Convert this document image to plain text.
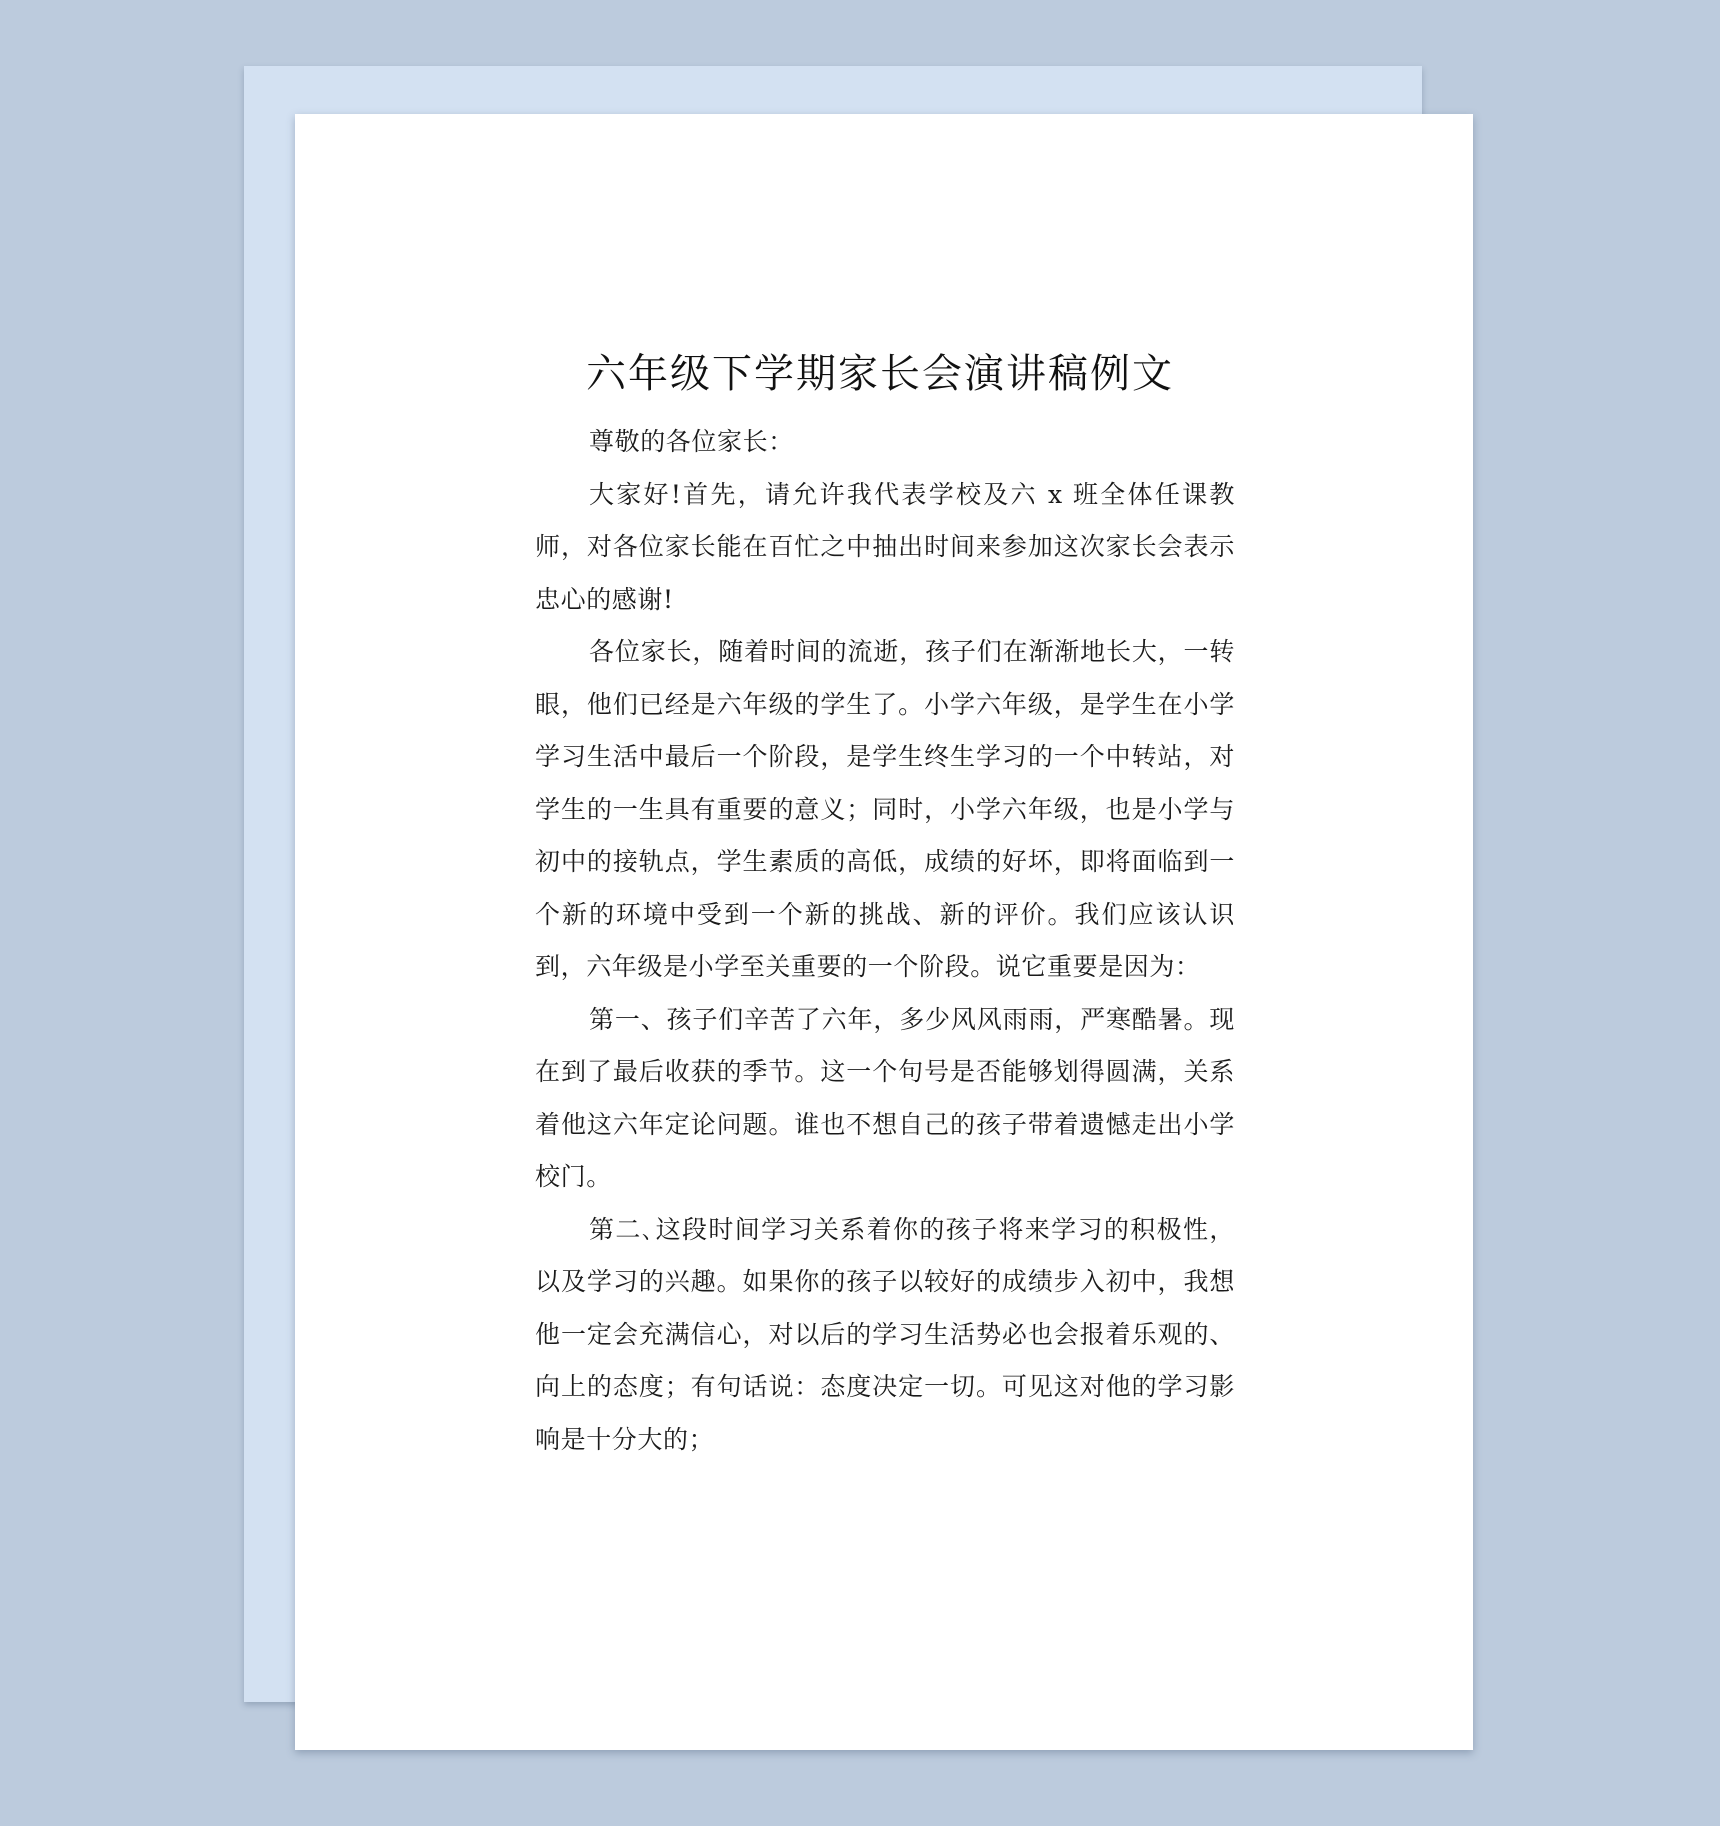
六年级下学期家长会演讲稿例文

尊敬的各位家长：

大家好!首先，请允许我代表学校及六 x 班全体任课教师，对各位家长能在百忙之中抽出时间来参加这次家长会表示忠心的感谢!

各位家长，随着时间的流逝，孩子们在渐渐地长大，一转眼，他们已经是六年级的学生了。小学六年级，是学生在小学学习生活中最后一个阶段，是学生终生学习的一个中转站，对学生的一生具有重要的意义；同时，小学六年级，也是小学与初中的接轨点，学生素质的高低，成绩的好坏，即将面临到一个新的环境中受到一个新的挑战、新的评价。我们应该认识到，六年级是小学至关重要的一个阶段。说它重要是因为：

第一、孩子们辛苦了六年，多少风风雨雨，严寒酷暑。现在到了最后收获的季节。这一个句号是否能够划得圆满，关系着他这六年定论问题。谁也不想自己的孩子带着遗憾走出小学校门。

第二､这段时间学习关系着你的孩子将来学习的积极性，以及学习的兴趣。如果你的孩子以较好的成绩步入初中，我想他一定会充满信心，对以后的学习生活势必也会报着乐观的、向上的态度；有句话说：态度决定一切。可见这对他的学习影响是十分大的；
